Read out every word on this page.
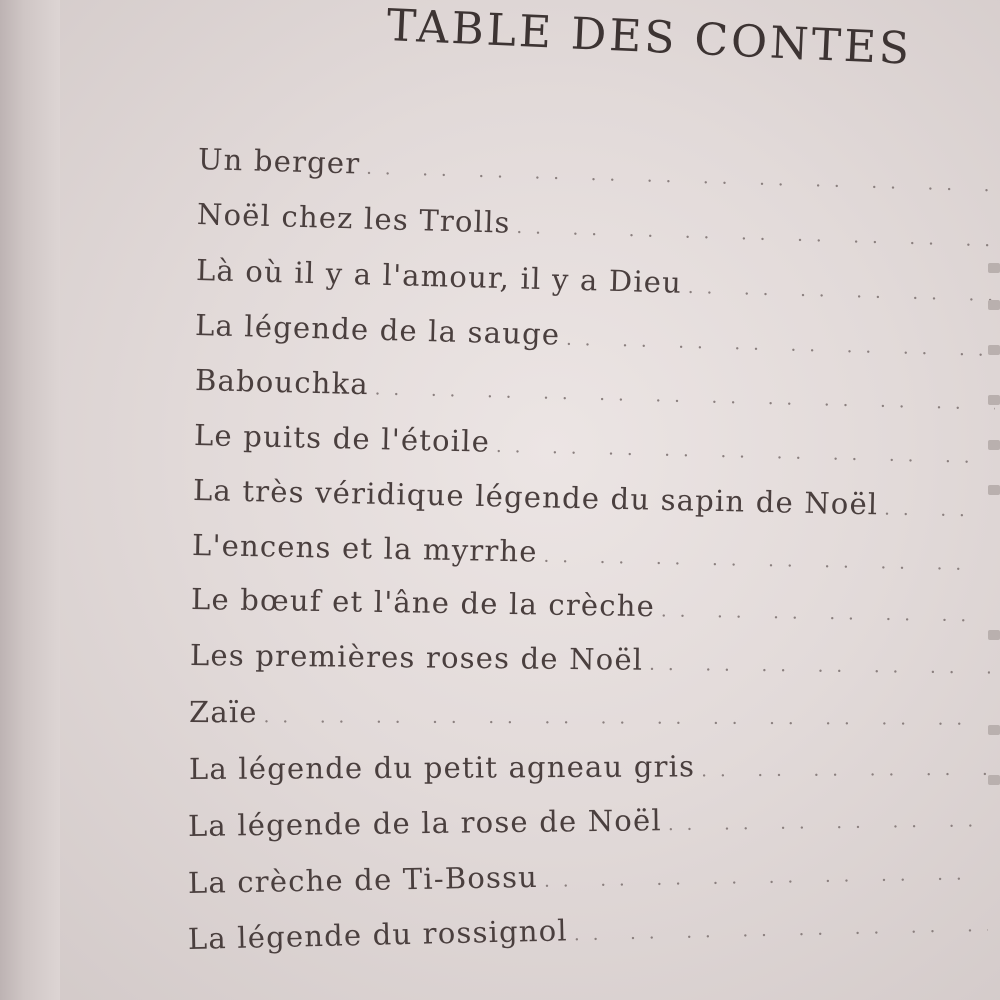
TABLE DES CONTES
Un berger
.. ..
Noël chez les Trolls
.. ..
Là où il y a l'amour, il y a Dieu
.. ..
La légende de la sauge
.. ..
Babouchka
.. ..
Le puits de l'étoile
.. ..
La très véridique légende du sapin de Noël
.. ..
L'encens et la myrrhe
.. ..
Le bœuf et l'âne de la crèche
.. ..
Les premières roses de Noël
.. ..
Zaïe
.. ..
La légende du petit agneau gris
.. ..
La légende de la rose de Noël
.. ..
La crèche de Ti-Bossu
.. ..
La légende du rossignol
.. ..
